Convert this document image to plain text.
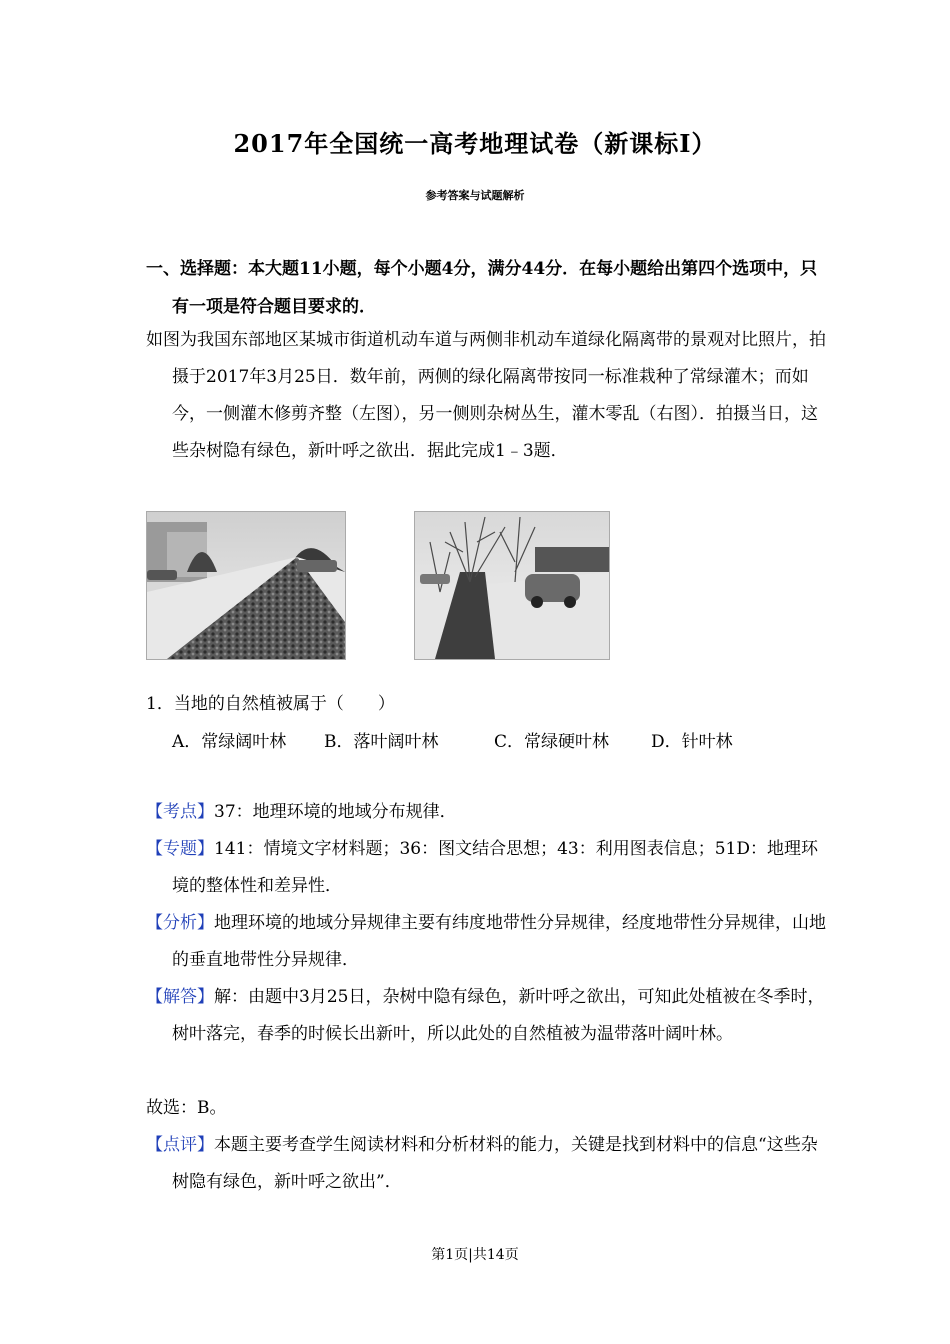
2017年全国统一高考地理试卷（新课标Ⅰ）
参考答案与试题解析
一、选择题：本大题11小题，每个小题4分，满分44分．在每小题给出第四个选项中，只有一项是符合题目要求的．
如图为我国东部地区某城市街道机动车道与两侧非机动车道绿化隔离带的景观对比照片，拍摄于2017年3月25日．数年前，两侧的绿化隔离带按同一标准栽种了常绿灌木；而如今，一侧灌木修剪齐整（左图），另一侧则杂树丛生，灌木零乱（右图）．拍摄当日，这些杂树隐有绿色，新叶呼之欲出．据此完成1﹣3题．
1．当地的自然植被属于（　　）
A．常绿阔叶林 B．落叶阔叶林	C．常绿硬叶林 D．针叶林
【考点】37：地理环境的地域分布规律．
【专题】141：情境文字材料题；36：图文结合思想；43：利用图表信息；51D：地理环境的整体性和差异性．
【分析】地理环境的地域分异规律主要有纬度地带性分异规律，经度地带性分异规律，山地的垂直地带性分异规律．
【解答】解：由题中3月25日，杂树中隐有绿色，新叶呼之欲出，可知此处植被在冬季时，树叶落完，春季的时候长出新叶，所以此处的自然植被为温带落叶阔叶林。
故选：B。
【点评】本题主要考查学生阅读材料和分析材料的能力，关键是找到材料中的信息“这些杂树隐有绿色，新叶呼之欲出”．
第1页|共14页
